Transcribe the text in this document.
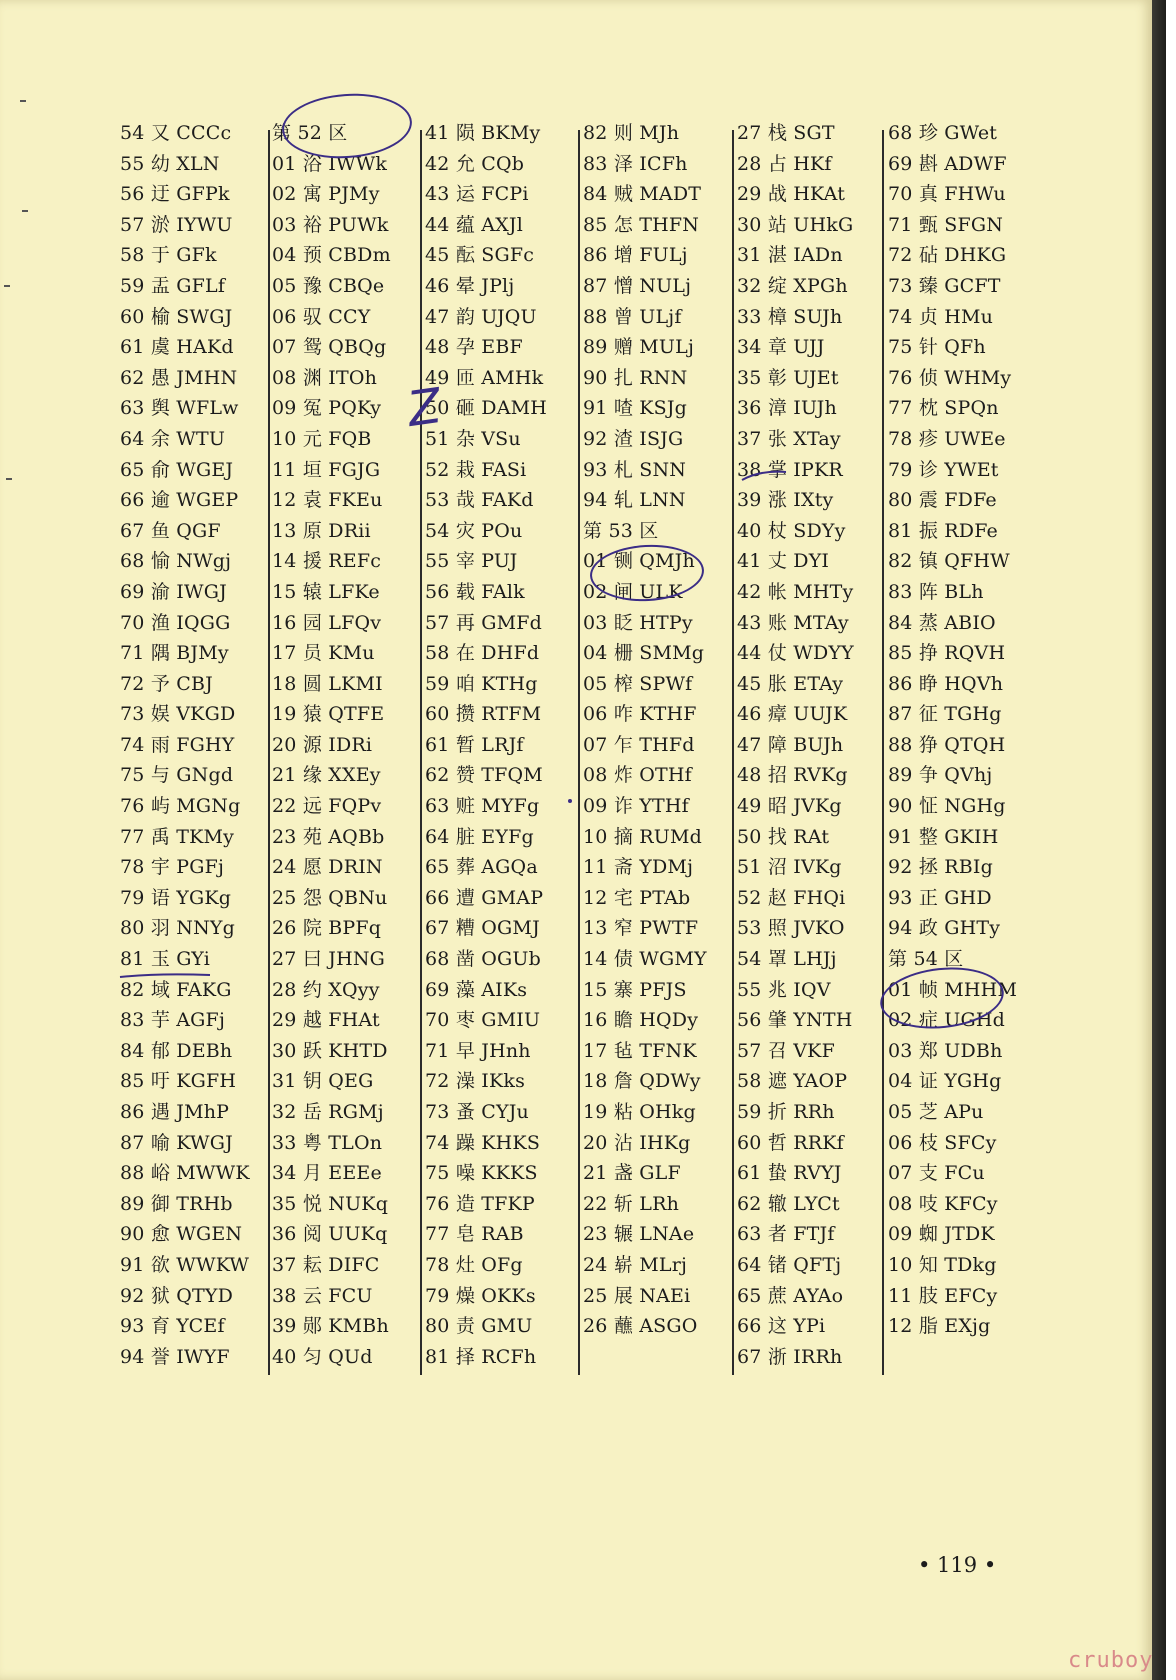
54 又 CCCc
55 幼 XLN
56 迂 GFPk
57 淤 IYWU
58 于 GFk
59 盂 GFLf
60 榆 SWGJ
61 虞 HAKd
62 愚 JMHN
63 舆 WFLw
64 余 WTU
65 俞 WGEJ
66 逾 WGEP
67 鱼 QGF
68 愉 NWgj
69 渝 IWGJ
70 渔 IQGG
71 隅 BJMy
72 予 CBJ
73 娱 VKGD
74 雨 FGHY
75 与 GNgd
76 屿 MGNg
77 禹 TKMy
78 宇 PGFj
79 语 YGKg
80 羽 NNYg
81 玉 GYi
82 域 FAKG
83 芋 AGFj
84 郁 DEBh
85 吁 KGFH
86 遇 JMhP
87 喻 KWGJ
88 峪 MWWK
89 御 TRHb
90 愈 WGEN
91 欲 WWKW
92 狱 QTYD
93 育 YCEf
94 誉 IWYF
第 52 区
01 浴 IWWk
02 寓 PJMy
03 裕 PUWk
04 预 CBDm
05 豫 CBQe
06 驭 CCY
07 鸳 QBQg
08 渊 ITOh
09 冤 PQKy
10 元 FQB
11 垣 FGJG
12 袁 FKEu
13 原 DRii
14 援 REFc
15 辕 LFKe
16 园 LFQv
17 员 KMu
18 圆 LKMI
19 猿 QTFE
20 源 IDRi
21 缘 XXEy
22 远 FQPv
23 苑 AQBb
24 愿 DRIN
25 怨 QBNu
26 院 BPFq
27 曰 JHNG
28 约 XQyy
29 越 FHAt
30 跃 KHTD
31 钥 QEG
32 岳 RGMj
33 粤 TLOn
34 月 EEEe
35 悦 NUKq
36 阅 UUKq
37 耘 DIFC
38 云 FCU
39 郧 KMBh
40 匀 QUd
41 陨 BKMy
42 允 CQb
43 运 FCPi
44 蕴 AXJl
45 酝 SGFc
46 晕 JPlj
47 韵 UJQU
48 孕 EBF
49 匝 AMHk
50 砸 DAMH
51 杂 VSu
52 栽 FASi
53 哉 FAKd
54 灾 POu
55 宰 PUJ
56 载 FAlk
57 再 GMFd
58 在 DHFd
59 咱 KTHg
60 攒 RTFM
61 暂 LRJf
62 赞 TFQM
63 赃 MYFg
64 脏 EYFg
65 葬 AGQa
66 遭 GMAP
67 糟 OGMJ
68 凿 OGUb
69 藻 AIKs
70 枣 GMIU
71 早 JHnh
72 澡 IKks
73 蚤 CYJu
74 躁 KHKS
75 噪 KKKS
76 造 TFKP
77 皂 RAB
78 灶 OFg
79 燥 OKKs
80 责 GMU
81 择 RCFh
82 则 MJh
83 泽 ICFh
84 贼 MADT
85 怎 THFN
86 增 FULj
87 憎 NULj
88 曾 ULjf
89 赠 MULj
90 扎 RNN
91 喳 KSJg
92 渣 ISJG
93 札 SNN
94 轧 LNN
第 53 区
01 铡 QMJh
02 闸 ULK
03 眨 HTPy
04 栅 SMMg
05 榨 SPWf
06 咋 KTHF
07 乍 THFd
08 炸 OTHf
09 诈 YTHf
10 摘 RUMd
11 斋 YDMj
12 宅 PTAb
13 窄 PWTF
14 债 WGMY
15 寨 PFJS
16 瞻 HQDy
17 毡 TFNK
18 詹 QDWy
19 粘 OHkg
20 沾 IHKg
21 盏 GLF
22 斩 LRh
23 辗 LNAe
24 崭 MLrj
25 展 NAEi
26 蘸 ASGO
27 栈 SGT
28 占 HKf
29 战 HKAt
30 站 UHkG
31 湛 IADn
32 绽 XPGh
33 樟 SUJh
34 章 UJJ
35 彰 UJEt
36 漳 IUJh
37 张 XTay
38 掌 IPKR
39 涨 IXty
40 杖 SDYy
41 丈 DYI
42 帐 MHTy
43 账 MTAy
44 仗 WDYY
45 胀 ETAy
46 瘴 UUJK
47 障 BUJh
48 招 RVKg
49 昭 JVKg
50 找 RAt
51 沼 IVKg
52 赵 FHQi
53 照 JVKO
54 罩 LHJj
55 兆 IQV
56 肇 YNTH
57 召 VKF
58 遮 YAOP
59 折 RRh
60 哲 RRKf
61 蛰 RVYJ
62 辙 LYCt
63 者 FTJf
64 锗 QFTj
65 蔗 AYAo
66 这 YPi
67 浙 IRRh
68 珍 GWet
69 斟 ADWF
70 真 FHWu
71 甄 SFGN
72 砧 DHKG
73 臻 GCFT
74 贞 HMu
75 针 QFh
76 侦 WHMy
77 枕 SPQn
78 疹 UWEe
79 诊 YWEt
80 震 FDFe
81 振 RDFe
82 镇 QFHW
83 阵 BLh
84 蒸 ABIO
85 挣 RQVH
86 睁 HQVh
87 征 TGHg
88 狰 QTQH
89 争 QVhj
90 怔 NGHg
91 整 GKIH
92 拯 RBIg
93 正 GHD
94 政 GHTy
第 54 区
01 帧 MHHM
02 症 UGHd
03 郑 UDBh
04 证 YGHg
05 芝 APu
06 枝 SFCy
07 支 FCu
08 吱 KFCy
09 蜘 JTDK
10 知 TDkg
11 肢 EFCy
12 脂 EXjg
Z
• 119 •
cruboy
